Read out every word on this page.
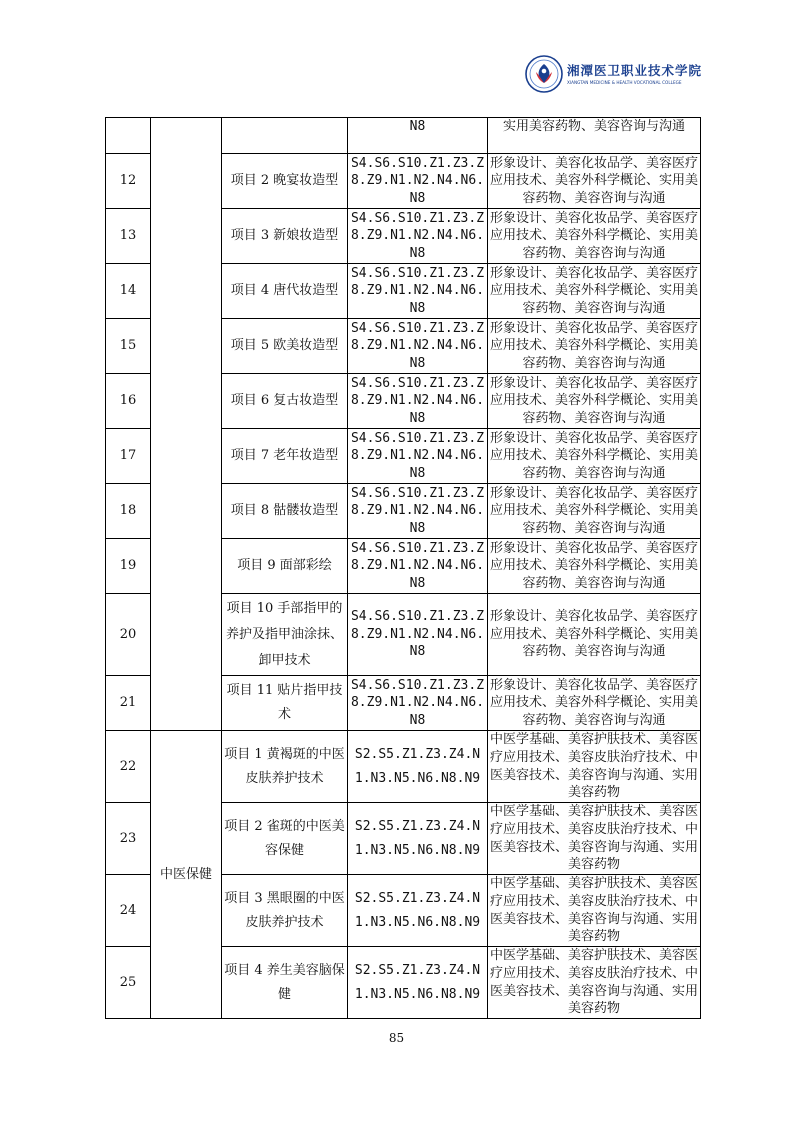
湘潭医卫职业技术学院
XIANGTAN MEDICINE & HEALTH VOCATIONAL COLLEGE
			N8	实用美容药物、美容咨询与沟通
12		项目 2 晚宴妆造型	S4.S6.S10.Z1.Z3.Z8.Z9.N1.N2.N4.N6.N8	形象设计、美容化妆品学、美容医疗应用技术、美容外科学概论、实用美容药物、美容咨询与沟通
13		项目 3 新娘妆造型	S4.S6.S10.Z1.Z3.Z8.Z9.N1.N2.N4.N6.N8	形象设计、美容化妆品学、美容医疗应用技术、美容外科学概论、实用美容药物、美容咨询与沟通
14		项目 4 唐代妆造型	S4.S6.S10.Z1.Z3.Z8.Z9.N1.N2.N4.N6.N8	形象设计、美容化妆品学、美容医疗应用技术、美容外科学概论、实用美容药物、美容咨询与沟通
15		项目 5 欧美妆造型	S4.S6.S10.Z1.Z3.Z8.Z9.N1.N2.N4.N6.N8	形象设计、美容化妆品学、美容医疗应用技术、美容外科学概论、实用美容药物、美容咨询与沟通
16		项目 6 复古妆造型	S4.S6.S10.Z1.Z3.Z8.Z9.N1.N2.N4.N6.N8	形象设计、美容化妆品学、美容医疗应用技术、美容外科学概论、实用美容药物、美容咨询与沟通
17		项目 7 老年妆造型	S4.S6.S10.Z1.Z3.Z8.Z9.N1.N2.N4.N6.N8	形象设计、美容化妆品学、美容医疗应用技术、美容外科学概论、实用美容药物、美容咨询与沟通
18		项目 8 骷髅妆造型	S4.S6.S10.Z1.Z3.Z8.Z9.N1.N2.N4.N6.N8	形象设计、美容化妆品学、美容医疗应用技术、美容外科学概论、实用美容药物、美容咨询与沟通
19		项目 9 面部彩绘	S4.S6.S10.Z1.Z3.Z8.Z9.N1.N2.N4.N6.N8	形象设计、美容化妆品学、美容医疗应用技术、美容外科学概论、实用美容药物、美容咨询与沟通
20		项目 10 手部指甲的养护及指甲油涂抹、卸甲技术	S4.S6.S10.Z1.Z3.Z8.Z9.N1.N2.N4.N6.N8	形象设计、美容化妆品学、美容医疗应用技术、美容外科学概论、实用美容药物、美容咨询与沟通
21		项目 11 贴片指甲技术	S4.S6.S10.Z1.Z3.Z8.Z9.N1.N2.N4.N6.N8	形象设计、美容化妆品学、美容医疗应用技术、美容外科学概论、实用美容药物、美容咨询与沟通
22	中医保健	项目 1 黄褐斑的中医皮肤养护技术	S2.S5.Z1.Z3.Z4.N1.N3.N5.N6.N8.N9	中医学基础、美容护肤技术、美容医疗应用技术、美容皮肤治疗技术、中医美容技术、美容咨询与沟通、实用美容药物
23		项目 2 雀斑的中医美容保健	S2.S5.Z1.Z3.Z4.N1.N3.N5.N6.N8.N9	中医学基础、美容护肤技术、美容医疗应用技术、美容皮肤治疗技术、中医美容技术、美容咨询与沟通、实用美容药物
24		项目 3 黑眼圈的中医皮肤养护技术	S2.S5.Z1.Z3.Z4.N1.N3.N5.N6.N8.N9	中医学基础、美容护肤技术、美容医疗应用技术、美容皮肤治疗技术、中医美容技术、美容咨询与沟通、实用美容药物
25		项目 4 养生美容脑保健	S2.S5.Z1.Z3.Z4.N1.N3.N5.N6.N8.N9	中医学基础、美容护肤技术、美容医疗应用技术、美容皮肤治疗技术、中医美容技术、美容咨询与沟通、实用美容药物
85
